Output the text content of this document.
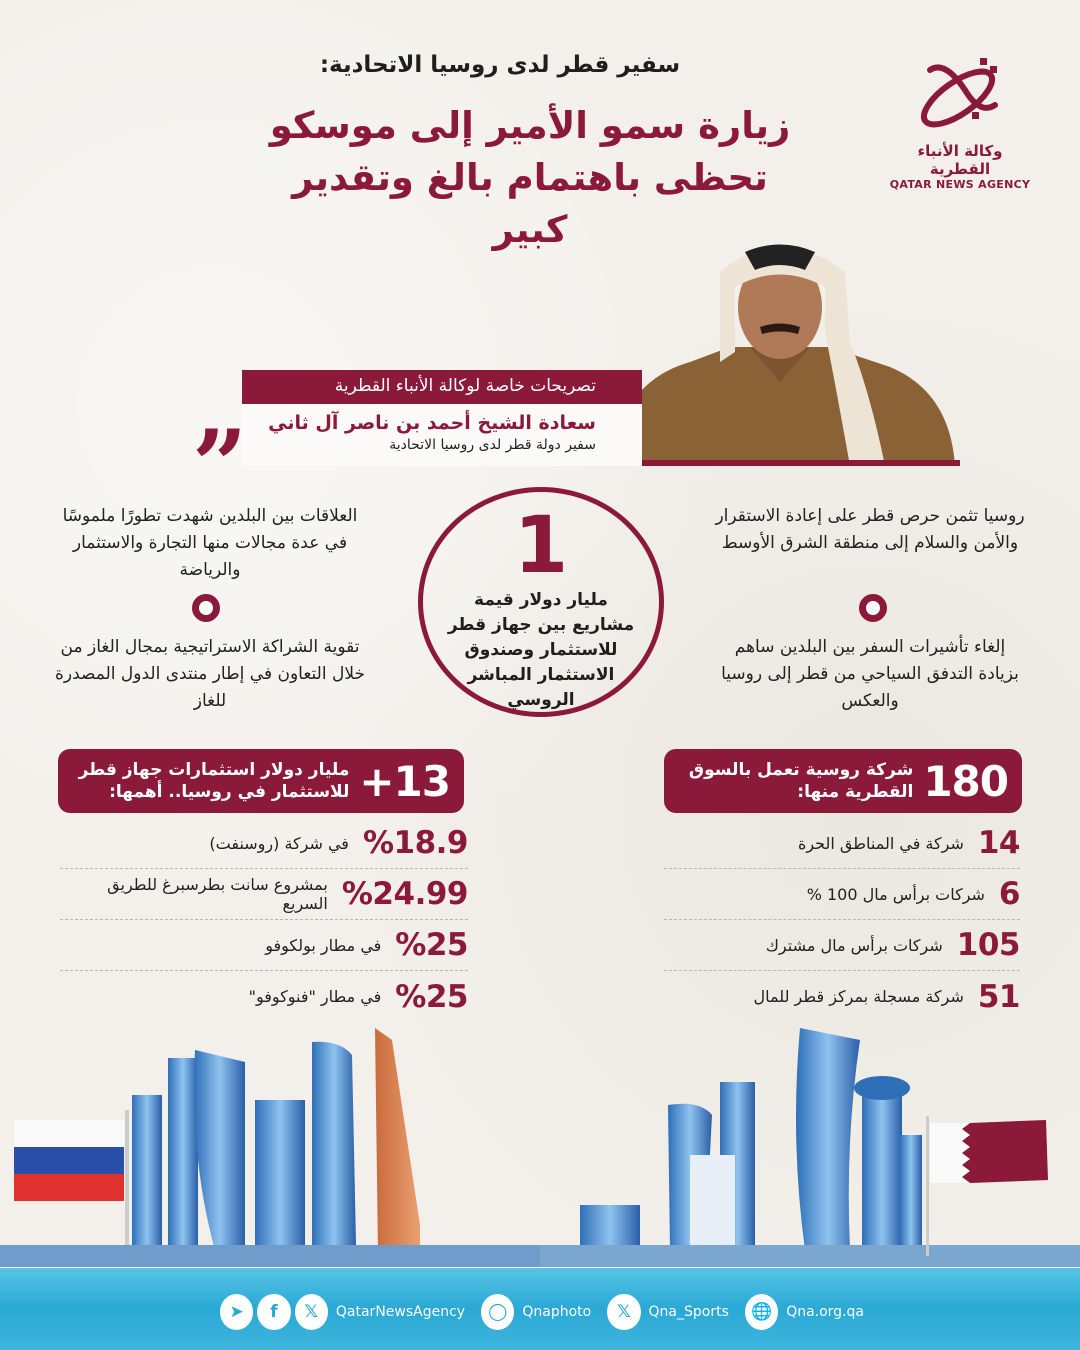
سفير قطر لدى روسيا الاتحادية:
زيارة سمو الأمير إلى موسكو
تحظى باهتمام بالغ وتقدير كبير
وكالة الأنباء القطرية
QATAR NEWS AGENCY
تصريحات خاصة لوكالة الأنباء القطرية
سعادة الشيخ أحمد بن ناصر آل ثاني
سفير دولة قطر لدى روسيا الاتحادية
”
العلاقات بين البلدين شهدت تطورًا ملموسًا في عدة مجالات منها التجارة والاستثمار والرياضة
تقوية الشراكة الاستراتيجية بمجال الغاز من خلال التعاون في إطار منتدى الدول المصدرة للغاز
روسيا تثمن حرص قطر على إعادة الاستقرار والأمن والسلام إلى منطقة الشرق الأوسط
إلغاء تأشيرات السفر بين البلدين ساهم بزيادة التدفق السياحي من قطر إلى روسيا والعكس
1
مليار دولار قيمة مشاريع بين جهاز قطر للاستثمار وصندوق الاستثمار المباشر الروسي
+13
مليار دولار استثمارات جهاز قطر
للاستثمار في روسيا.. أهمها:
%18.9
في شركة (روسنفت)
%24.99
بمشروع سانت بطرسبرغ للطريق السريع
%25
في مطار بولكوفو
%25
في مطار "فنوكوفو"
180
شركة روسية تعمل بالسوق
القطرية منها:
14
شركة في المناطق الحرة
6
شركات برأس مال 100 %
105
شركات برأس مال مشترك
51
شركة مسجلة بمركز قطر للمال
➤	f	𝕏	QatarNewsAgency	◯	Qnaphoto	𝕏	Qna_Sports	🌐	Qna.org.qa
